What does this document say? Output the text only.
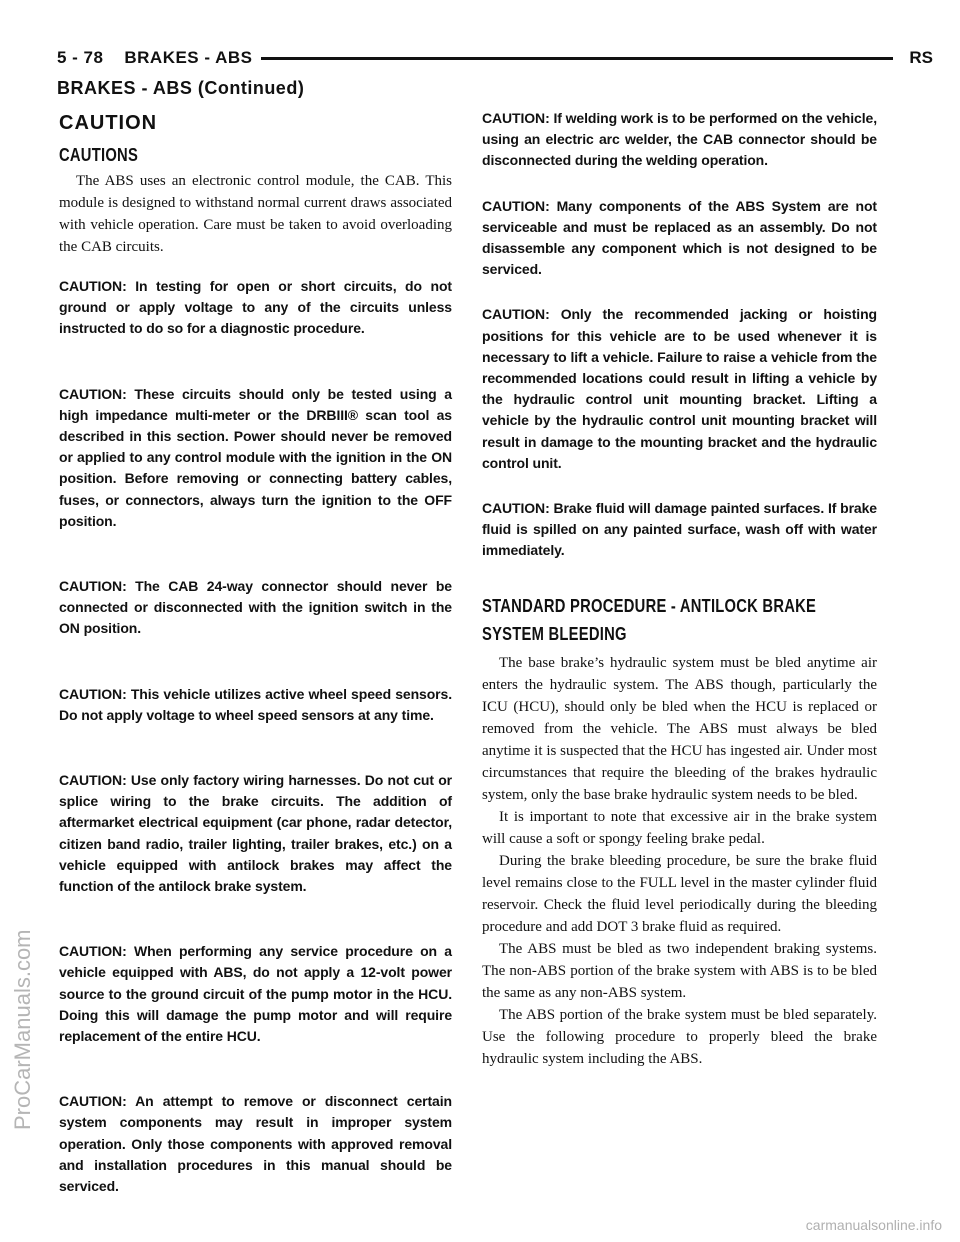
5 - 78    BRAKES - ABS	RS
BRAKES - ABS (Continued)
CAUTION
CAUTIONS

The ABS uses an electronic control module, the CAB. This module is designed to withstand normal current draws associated with vehicle operation. Care must be taken to avoid overloading the CAB circuits.

CAUTION: In testing for open or short circuits, do not ground or apply voltage to any of the circuits unless instructed to do so for a diagnostic procedure.

CAUTION: These circuits should only be tested using a high impedance multi-meter or the DRBIII® scan tool as described in this section. Power should never be removed or applied to any control module with the ignition in the ON position. Before removing or connecting battery cables, fuses, or connectors, always turn the ignition to the OFF position.

CAUTION: The CAB 24-way connector should never be connected or disconnected with the ignition switch in the ON position.

CAUTION: This vehicle utilizes active wheel speed sensors. Do not apply voltage to wheel speed sensors at any time.

CAUTION: Use only factory wiring harnesses. Do not cut or splice wiring to the brake circuits. The addition of aftermarket electrical equipment (car phone, radar detector, citizen band radio, trailer lighting, trailer brakes, etc.) on a vehicle equipped with antilock brakes may affect the function of the antilock brake system.

CAUTION: When performing any service procedure on a vehicle equipped with ABS, do not apply a 12-volt power source to the ground circuit of the pump motor in the HCU. Doing this will damage the pump motor and will require replacement of the entire HCU.

CAUTION: An attempt to remove or disconnect certain system components may result in improper system operation. Only those components with approved removal and installation procedures in this manual should be serviced.

CAUTION: If welding work is to be performed on the vehicle, using an electric arc welder, the CAB connector should be disconnected during the welding operation.

CAUTION: Many components of the ABS System are not serviceable and must be replaced as an assembly. Do not disassemble any component which is not designed to be serviced.

CAUTION: Only the recommended jacking or hoisting positions for this vehicle are to be used whenever it is necessary to lift a vehicle. Failure to raise a vehicle from the recommended locations could result in lifting a vehicle by the hydraulic control unit mounting bracket. Lifting a vehicle by the hydraulic control unit mounting bracket will result in damage to the mounting bracket and the hydraulic control unit.

CAUTION: Brake fluid will damage painted surfaces. If brake fluid is spilled on any painted surface, wash off with water immediately.

STANDARD PROCEDURE - ANTILOCK BRAKE
SYSTEM BLEEDING

The base brake’s hydraulic system must be bled anytime air enters the hydraulic system. The ABS though, particularly the ICU (HCU), should only be bled when the HCU is replaced or removed from the vehicle. The ABS must always be bled anytime it is suspected that the HCU has ingested air. Under most circumstances that require the bleeding of the brakes hydraulic system, only the base brake hydraulic system needs to be bled.

It is important to note that excessive air in the brake system will cause a soft or spongy feeling brake pedal.

During the brake bleeding procedure, be sure the brake fluid level remains close to the FULL level in the master cylinder fluid reservoir. Check the fluid level periodically during the bleeding procedure and add DOT 3 brake fluid as required.

The ABS must be bled as two independent braking systems. The non-ABS portion of the brake system with ABS is to be bled the same as any non-ABS system.

The ABS portion of the brake system must be bled separately. Use the following procedure to properly bleed the brake hydraulic system including the ABS.

ProCarManuals.com
carmanualsonline.info
